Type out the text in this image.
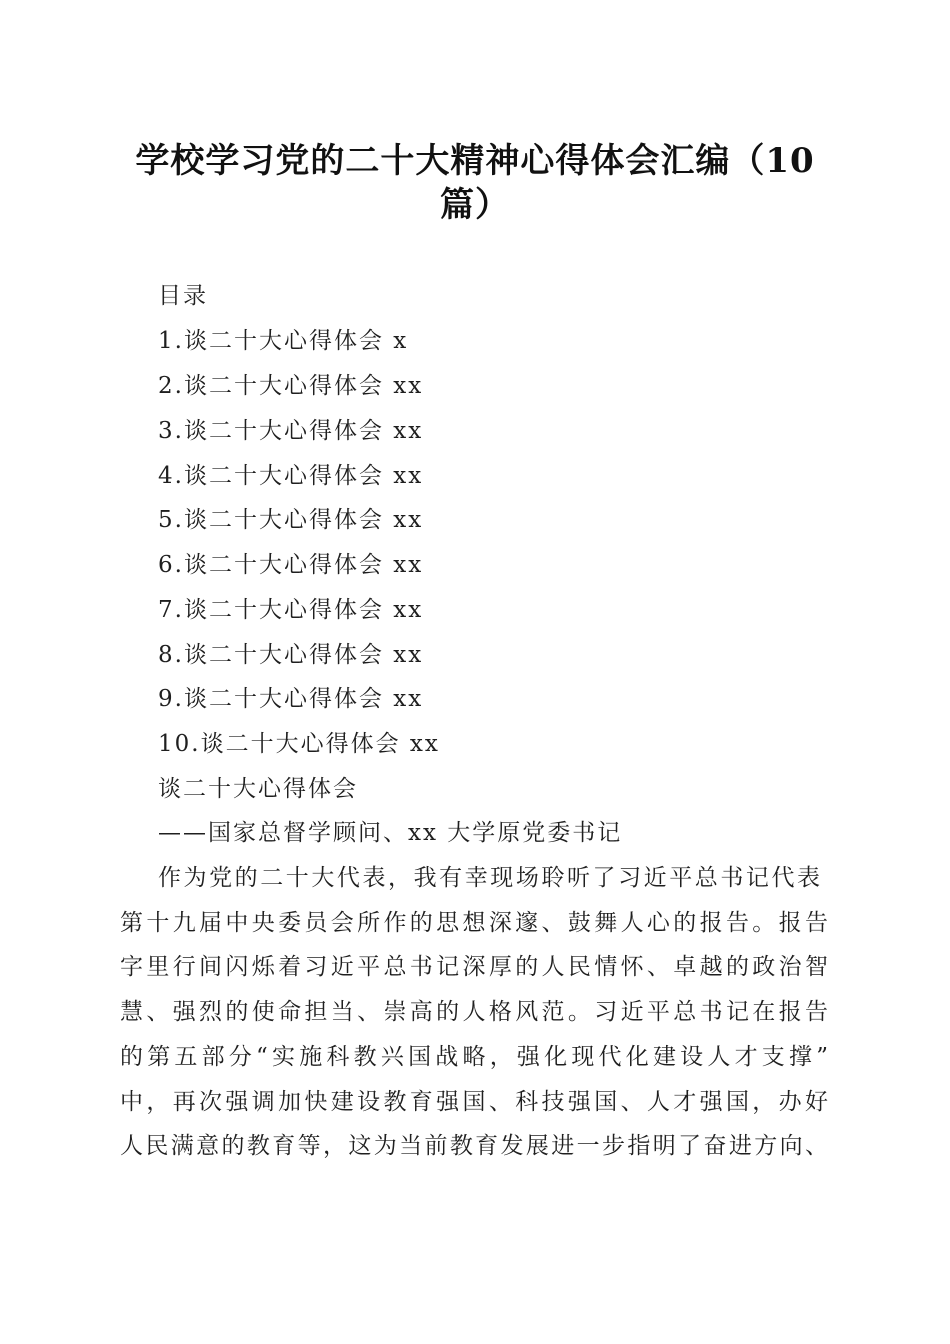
学校学习党的二十大精神心得体会汇编（10
篇）
目录
1.谈二十大心得体会 x
2.谈二十大心得体会 xx
3.谈二十大心得体会 xx
4.谈二十大心得体会 xx
5.谈二十大心得体会 xx
6.谈二十大心得体会 xx
7.谈二十大心得体会 xx
8.谈二十大心得体会 xx
9.谈二十大心得体会 xx
10.谈二十大心得体会 xx
谈二十大心得体会
——国家总督学顾问、xx 大学原党委书记
作为党的二十大代表，我有幸现场聆听了习近平总书记代表
第十九届中央委员会所作的思想深邃、鼓舞人心的报告。报告
字里行间闪烁着习近平总书记深厚的人民情怀、卓越的政治智
慧、强烈的使命担当、崇高的人格风范。习近平总书记在报告
的第五部分“实施科教兴国战略，强化现代化建设人才支撑”
中，再次强调加快建设教育强国、科技强国、人才强国，办好
人民满意的教育等，这为当前教育发展进一步指明了奋进方向、
